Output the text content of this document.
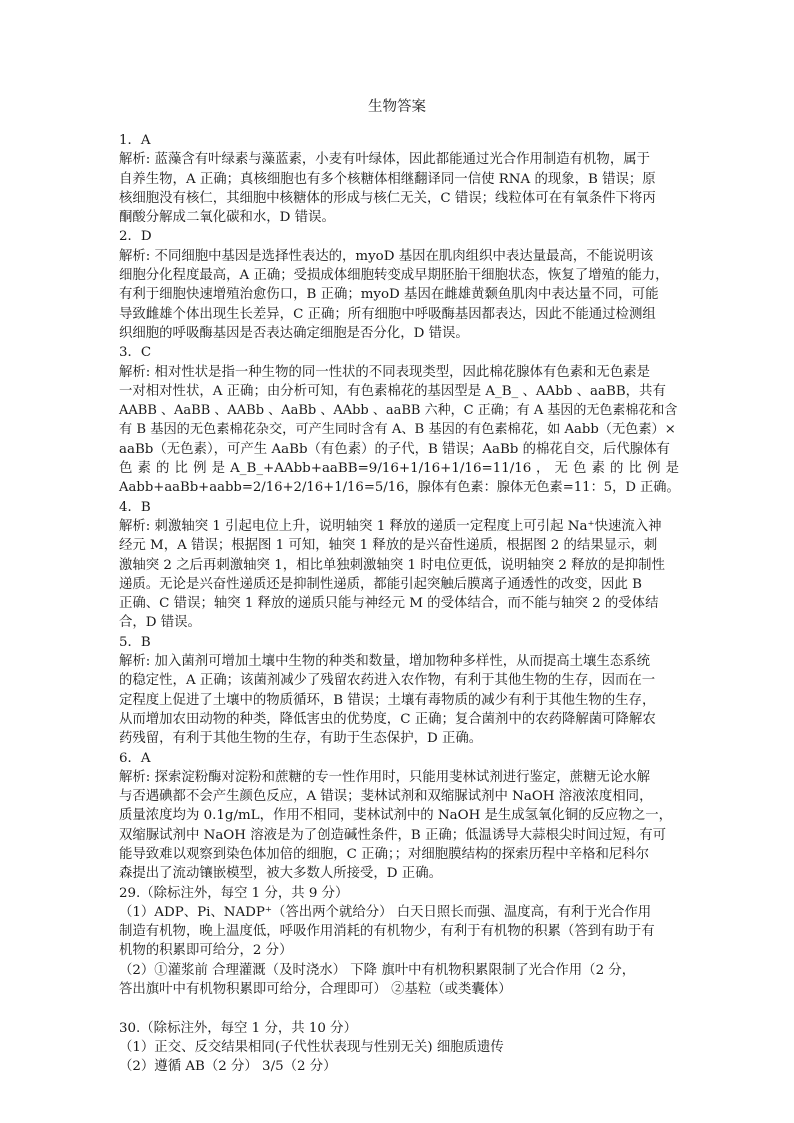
生物答案
1．A
解析: 蓝藻含有叶绿素与藻蓝素，小麦有叶绿体，因此都能通过光合作用制造有机物，属于
自养生物，A 正确；真核细胞也有多个核糖体相继翻译同一信使 RNA 的现象，B 错误；原
核细胞没有核仁，其细胞中核糖体的形成与核仁无关，C 错误；线粒体可在有氧条件下将丙
酮酸分解成二氧化碳和水，D 错误。
2．D
解析: 不同细胞中基因是选择性表达的，myoD 基因在肌肉组织中表达量最高，不能说明该
细胞分化程度最高，A 正确；受损成体细胞转变成早期胚胎干细胞状态，恢复了增殖的能力，
有利于细胞快速增殖治愈伤口，B 正确；myoD 基因在雌雄黄颡鱼肌肉中表达量不同，可能
导致雌雄个体出现生长差异，C 正确；所有细胞中呼吸酶基因都表达，因此不能通过检测组
织细胞的呼吸酶基因是否表达确定细胞是否分化，D 错误。
3．C
解析: 相对性状是指一种生物的同一性状的不同表现类型，因此棉花腺体有色素和无色素是
一对相对性状，A 正确；由分析可知，有色素棉花的基因型是 A_B_ 、AAbb 、aaBB，共有
AABB 、AaBB 、AABb 、AaBb 、AAbb 、aaBB 六种，C 正确；有 A 基因的无色素棉花和含
有 B 基因的无色素棉花杂交，可产生同时含有 A、B 基因的有色素棉花，如 Aabb（无色素）×
aaBb（无色素），可产生 AaBb（有色素）的子代，B 错误；AaBb 的棉花自交，后代腺体有
色 素 的 比 例 是 A_B_+AAbb+aaBB=9/16+1/16+1/16=11/16 ， 无 色 素 的 比 例 是
Aabb+aaBb+aabb=2/16+2/16+1/16=5/16，腺体有色素：腺体无色素=11：5，D 正确。
4．B
解析: 刺激轴突 1 引起电位上升，说明轴突 1 释放的递质一定程度上可引起 Na⁺快速流入神
经元 M，A 错误；根据图 1 可知，轴突 1 释放的是兴奋性递质，根据图 2 的结果显示，刺
激轴突 2 之后再刺激轴突 1，相比单独刺激轴突 1 时电位更低，说明轴突 2 释放的是抑制性
递质。无论是兴奋性递质还是抑制性递质，都能引起突触后膜离子通透性的改变，因此 B
正确、C 错误；轴突 1 释放的递质只能与神经元 M 的受体结合，而不能与轴突 2 的受体结
合，D 错误。
5．B
解析: 加入菌剂可增加土壤中生物的种类和数量，增加物种多样性，从而提高土壤生态系统
的稳定性，A 正确；该菌剂减少了残留农药进入农作物，有利于其他生物的生存，因而在一
定程度上促进了土壤中的物质循环，B 错误；土壤有毒物质的减少有利于其他生物的生存，
从而增加农田动物的种类，降低害虫的优势度，C 正确；复合菌剂中的农药降解菌可降解农
药残留，有利于其他生物的生存，有助于生态保护，D 正确。
6．A
解析: 探索淀粉酶对淀粉和蔗糖的专一性作用时，只能用斐林试剂进行鉴定，蔗糖无论水解
与否遇碘都不会产生颜色反应，A 错误；斐林试剂和双缩脲试剂中 NaOH 溶液浓度相同，
质量浓度均为 0.1g/mL，作用不相同，斐林试剂中的 NaOH 是生成氢氧化铜的反应物之一，
双缩脲试剂中 NaOH 溶液是为了创造碱性条件，B 正确；低温诱导大蒜根尖时间过短，有可
能导致难以观察到染色体加倍的细胞，C 正确；；对细胞膜结构的探索历程中辛格和尼科尔
森提出了流动镶嵌模型，被大多数人所接受，D 正确。
29.（除标注外，每空 1 分，共 9 分）
（1）ADP、Pi、NADP⁺（答出两个就给分） 白天日照长而强、温度高，有利于光合作用
制造有机物，晚上温度低，呼吸作用消耗的有机物少，有利于有机物的积累（答到有助于有
机物的积累即可给分，2 分）
（2）①灌浆前 合理灌溉（及时浇水） 下降 旗叶中有机物积累限制了光合作用（2 分，
答出旗叶中有机物积累即可给分，合理即可） ②基粒（或类囊体）
30.（除标注外，每空 1 分，共 10 分）
（1）正交、反交结果相同(子代性状表现与性别无关) 细胞质遗传
（2）遵循 AB（2 分） 3/5（2 分）
